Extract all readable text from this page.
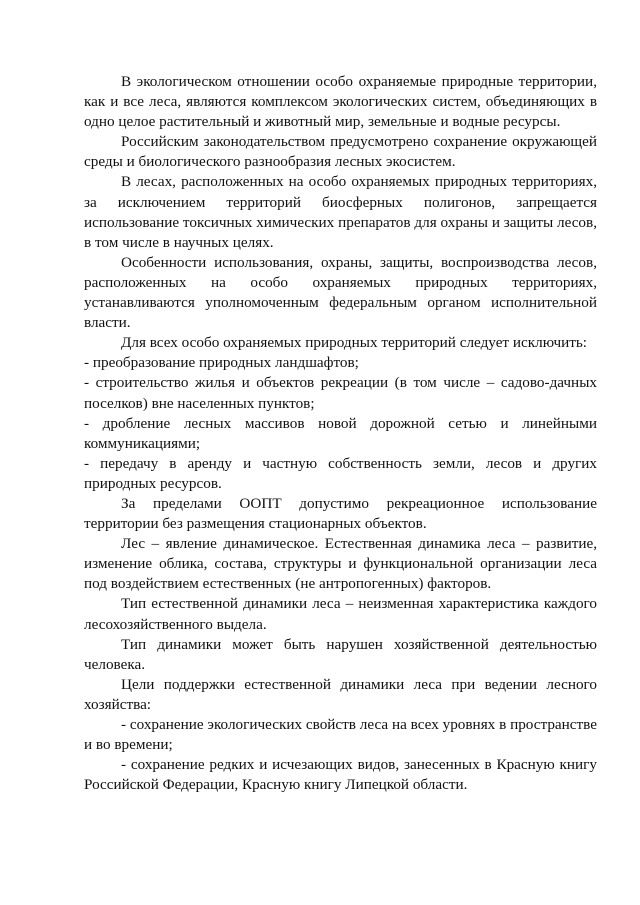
В экологическом отношении особо охраняемые природные территории, как и все леса, являются комплексом экологических систем, объединяющих в одно целое растительный и животный мир, земельные и водные ресурсы.

Российским законодательством предусмотрено сохранение окружающей среды и биологического разнообразия лесных экосистем.

В лесах, расположенных на особо охраняемых природных территориях, за исключением территорий биосферных полигонов, запрещается использование токсичных химических препаратов для охраны и защиты лесов, в том числе в научных целях.

Особенности использования, охраны, защиты, воспроизводства лесов, расположенных на особо охраняемых природных территориях, устанавливаются уполномоченным федеральным органом исполнительной власти.

Для всех особо охраняемых природных территорий следует исключить:

- преобразование природных ландшафтов;

- строительство жилья и объектов рекреации (в том числе – садово-дачных поселков) вне населенных пунктов;

- дробление лесных массивов новой дорожной сетью и линейными коммуникациями;

- передачу в аренду и частную собственность земли, лесов и других природных ресурсов.

За пределами ООПТ допустимо рекреационное использование территории без размещения стационарных объектов.

Лес – явление динамическое. Естественная динамика леса – развитие, изменение облика, состава, структуры и функциональной организации леса под воздействием естественных (не антропогенных) факторов.

Тип естественной динамики леса – неизменная характеристика каждого лесохозяйственного выдела.

Тип динамики может быть нарушен хозяйственной деятельностью человека.

Цели поддержки естественной динамики леса при ведении лесного хозяйства:

- сохранение экологических свойств леса на всех уровнях в пространстве и во времени;

- сохранение редких и исчезающих видов, занесенных в Красную книгу Российской Федерации, Красную книгу Липецкой области.
